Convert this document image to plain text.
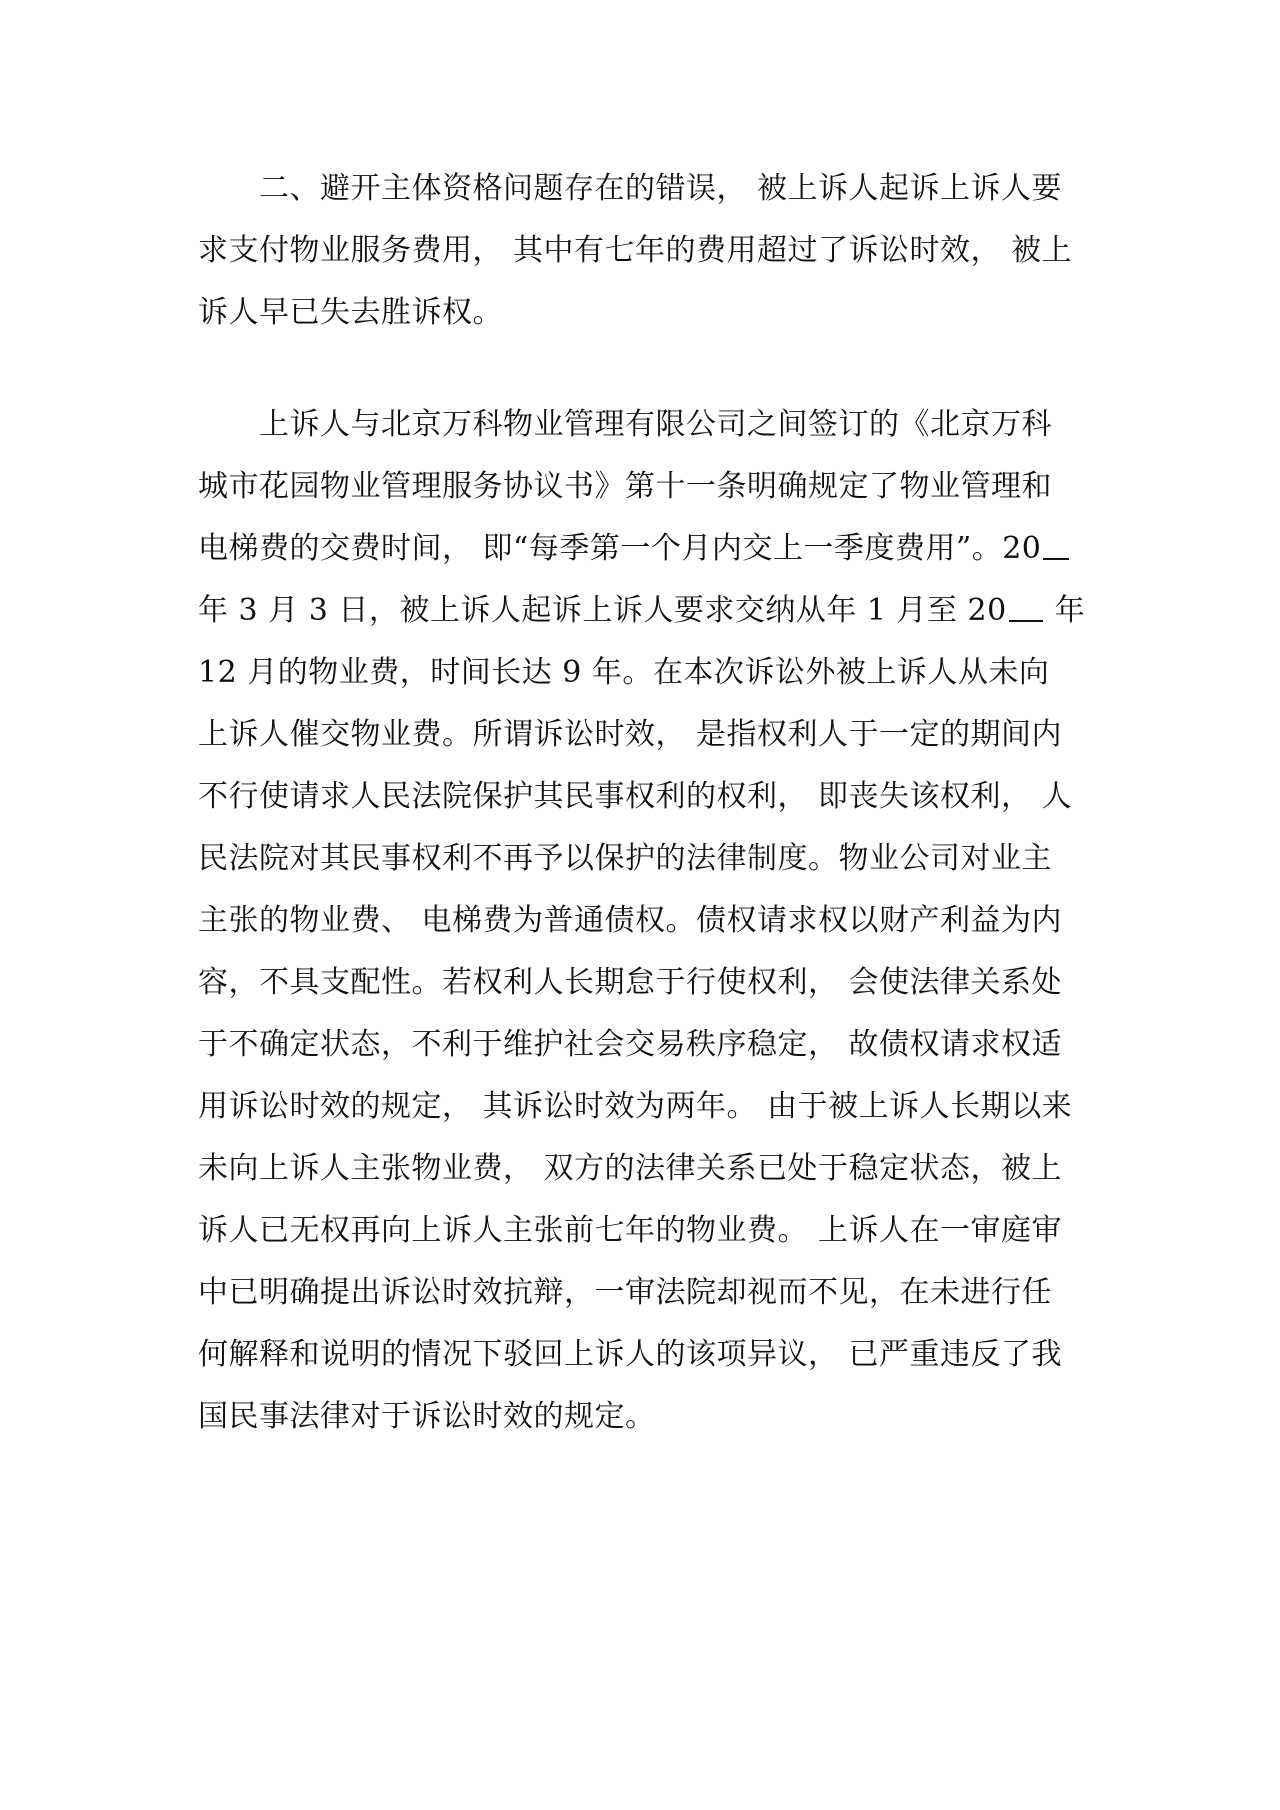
二、避开主体资格问题存在的错误， 被上诉人起诉上诉人要
求支付物业服务费用， 其中有七年的费用超过了诉讼时效， 被上
诉人早已失去胜诉权。
上诉人与北京万科物业管理有限公司之间签订的《北京万科
城市花园物业管理服务协议书》第十一条明确规定了物业管理和
电梯费的交费时间， 即“每季第一个月内交上一季度费用”。20
年 3 月 3 日，被上诉人起诉上诉人要求交纳从年 1 月至 20 年
12 月的物业费，时间长达 9 年。在本次诉讼外被上诉人从未向
上诉人催交物业费。所谓诉讼时效， 是指权利人于一定的期间内
不行使请求人民法院保护其民事权利的权利， 即丧失该权利， 人
民法院对其民事权利不再予以保护的法律制度。物业公司对业主
主张的物业费、 电梯费为普通债权。债权请求权以财产利益为内
容，不具支配性。若权利人长期怠于行使权利， 会使法律关系处
于不确定状态，不利于维护社会交易秩序稳定， 故债权请求权适
用诉讼时效的规定， 其诉讼时效为两年。 由于被上诉人长期以来
未向上诉人主张物业费， 双方的法律关系已处于稳定状态，被上
诉人已无权再向上诉人主张前七年的物业费。 上诉人在一审庭审
中已明确提出诉讼时效抗辩，一审法院却视而不见，在未进行任
何解释和说明的情况下驳回上诉人的该项异议， 已严重违反了我
国民事法律对于诉讼时效的规定。
